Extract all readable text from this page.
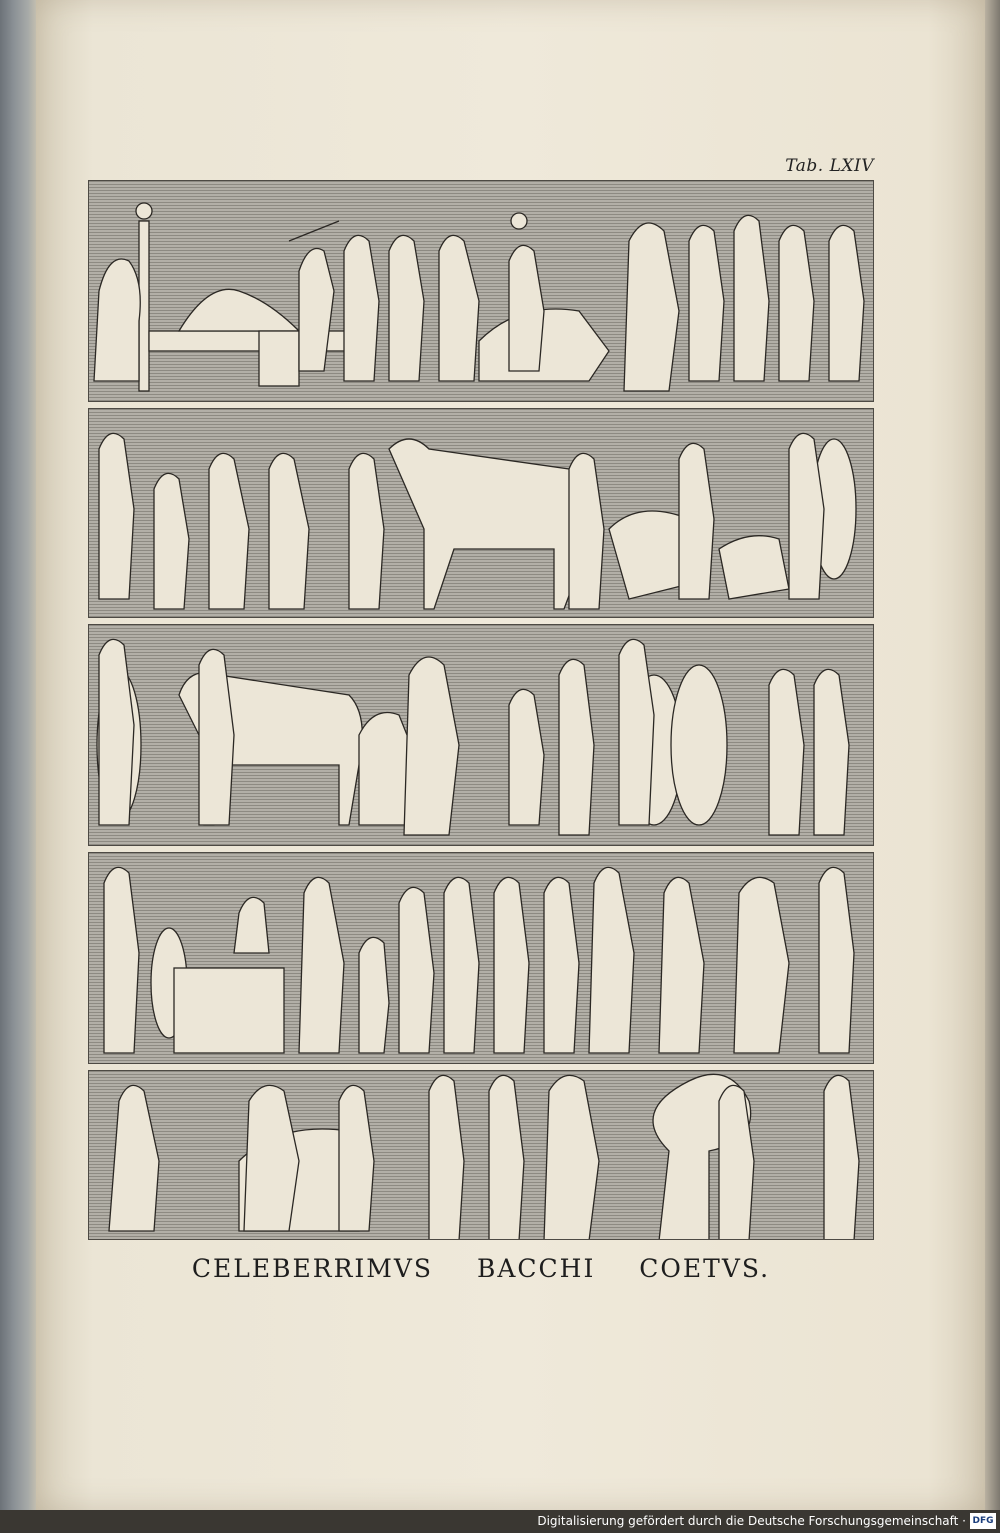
Tab. LXIV
CELEBERRIMVS BACCHI COETVS.
Digitalisierung gefördert durch die Deutsche Forschungsgemeinschaft · DFG
